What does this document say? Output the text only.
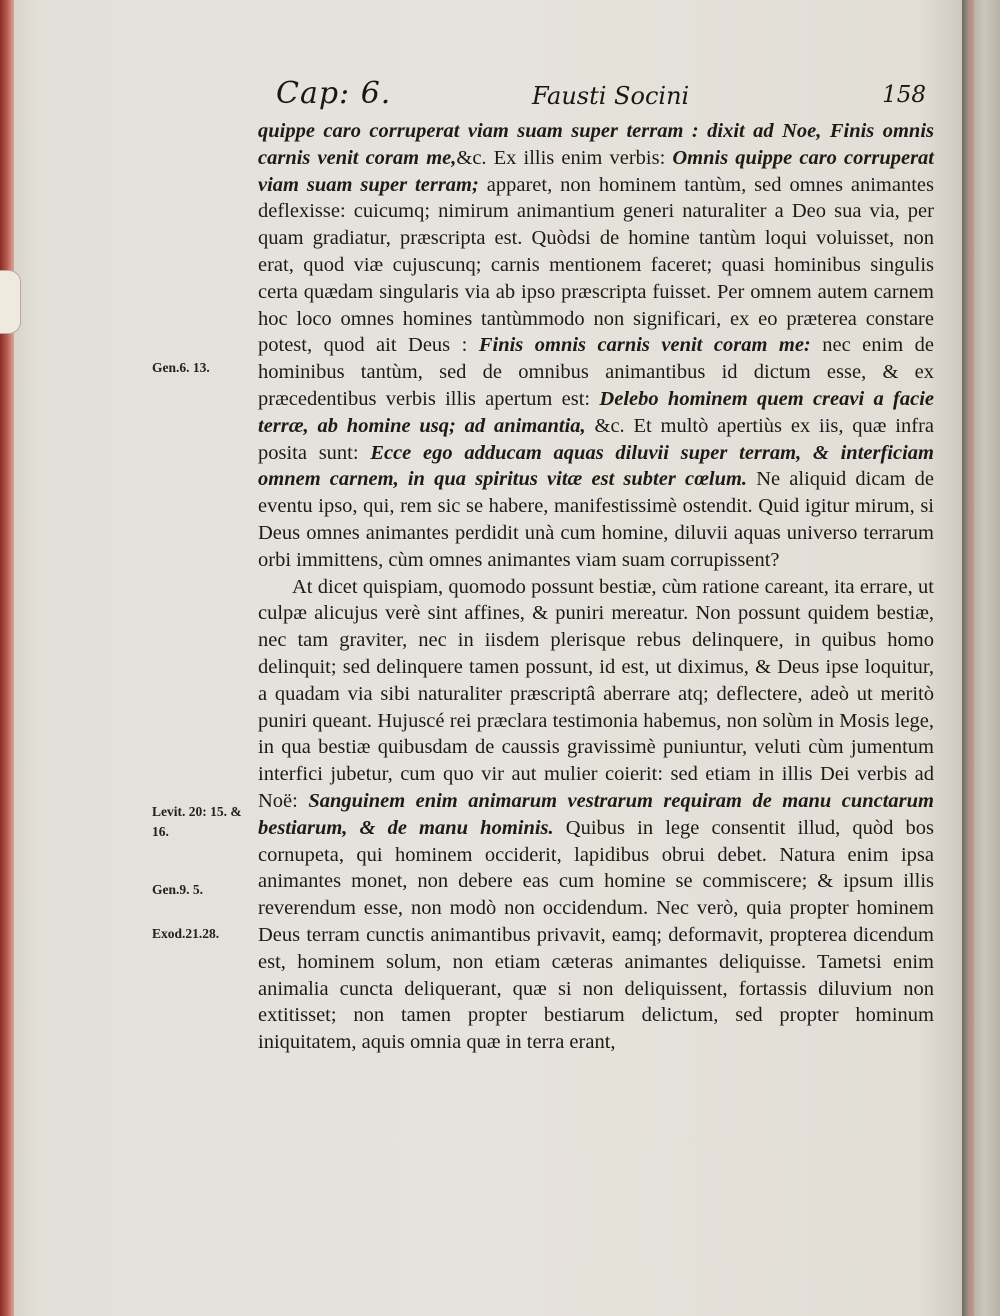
Cap: 6.	Fausti Socini	158
Gen.6. 13.
Levit. 20: 15. & 16.
Gen.9. 5.
Exod.21.28.

quippe caro corruperat viam suam super terram : dixit ad Noe, Finis omnis carnis venit coram me,&c. Ex illis enim verbis: Omnis quippe caro corruperat viam suam super terram; apparet, non hominem tantùm, sed omnes animantes deflexisse: cuicumq; nimirum animantium generi naturaliter a Deo sua via, per quam gradiatur, præscripta est. Quòdsi de homine tantùm loqui voluisset, non erat, quod viæ cujuscunq; carnis mentionem faceret; quasi hominibus singulis certa quædam singularis via ab ipso præscripta fuisset. Per omnem autem carnem hoc loco omnes homines tantùmmodo non significari, ex eo præterea constare potest, quod ait Deus : Finis omnis carnis venit coram me: nec enim de hominibus tantùm, sed de omnibus animantibus id dictum esse, & ex præcedentibus verbis illis apertum est: Delebo hominem quem creavi a facie terræ, ab homine usq; ad animantia, &c. Et multò apertiùs ex iis, quæ infra posita sunt: Ecce ego adducam aquas diluvii super terram, & interficiam omnem carnem, in qua spiritus vitæ est subter cœlum. Ne aliquid dicam de eventu ipso, qui, rem sic se habere, manifestissimè ostendit. Quid igitur mirum, si Deus omnes animantes perdidit unà cum homine, diluvii aquas universo terrarum orbi immittens, cùm omnes animantes viam suam corrupissent?

At dicet quispiam, quomodo possunt bestiæ, cùm ratione careant, ita errare, ut culpæ alicujus verè sint affines, & puniri mereatur. Non possunt quidem bestiæ, nec tam graviter, nec in iisdem plerisque rebus delinquere, in quibus homo delinquit; sed delinquere tamen possunt, id est, ut diximus, & Deus ipse loquitur, a quadam via sibi naturaliter præscriptâ aberrare atq; deflectere, adeò ut meritò puniri queant. Hujuscé rei præclara testimonia habemus, non solùm in Mosis lege, in qua bestiæ quibusdam de caussis gravissimè puniuntur, veluti cùm jumentum interfici jubetur, cum quo vir aut mulier coierit: sed etiam in illis Dei verbis ad Noë: Sanguinem enim animarum vestrarum requiram de manu cunctarum bestiarum, & de manu hominis. Quibus in lege consentit illud, quòd bos cornupeta, qui hominem occiderit, lapidibus obrui debet. Natura enim ipsa animantes monet, non debere eas cum homine se commiscere; & ipsum illis reverendum esse, non modò non occidendum. Nec verò, quia propter hominem Deus terram cunctis animantibus privavit, eamq; deformavit, propterea dicendum est, hominem solum, non etiam cæteras animantes deliquisse. Tametsi enim animalia cuncta deliquerant, quæ si non deliquissent, fortassis diluvium non extitisset; non tamen propter bestiarum delictum, sed propter hominum iniquitatem, aquis omnia quæ in terra erant,
